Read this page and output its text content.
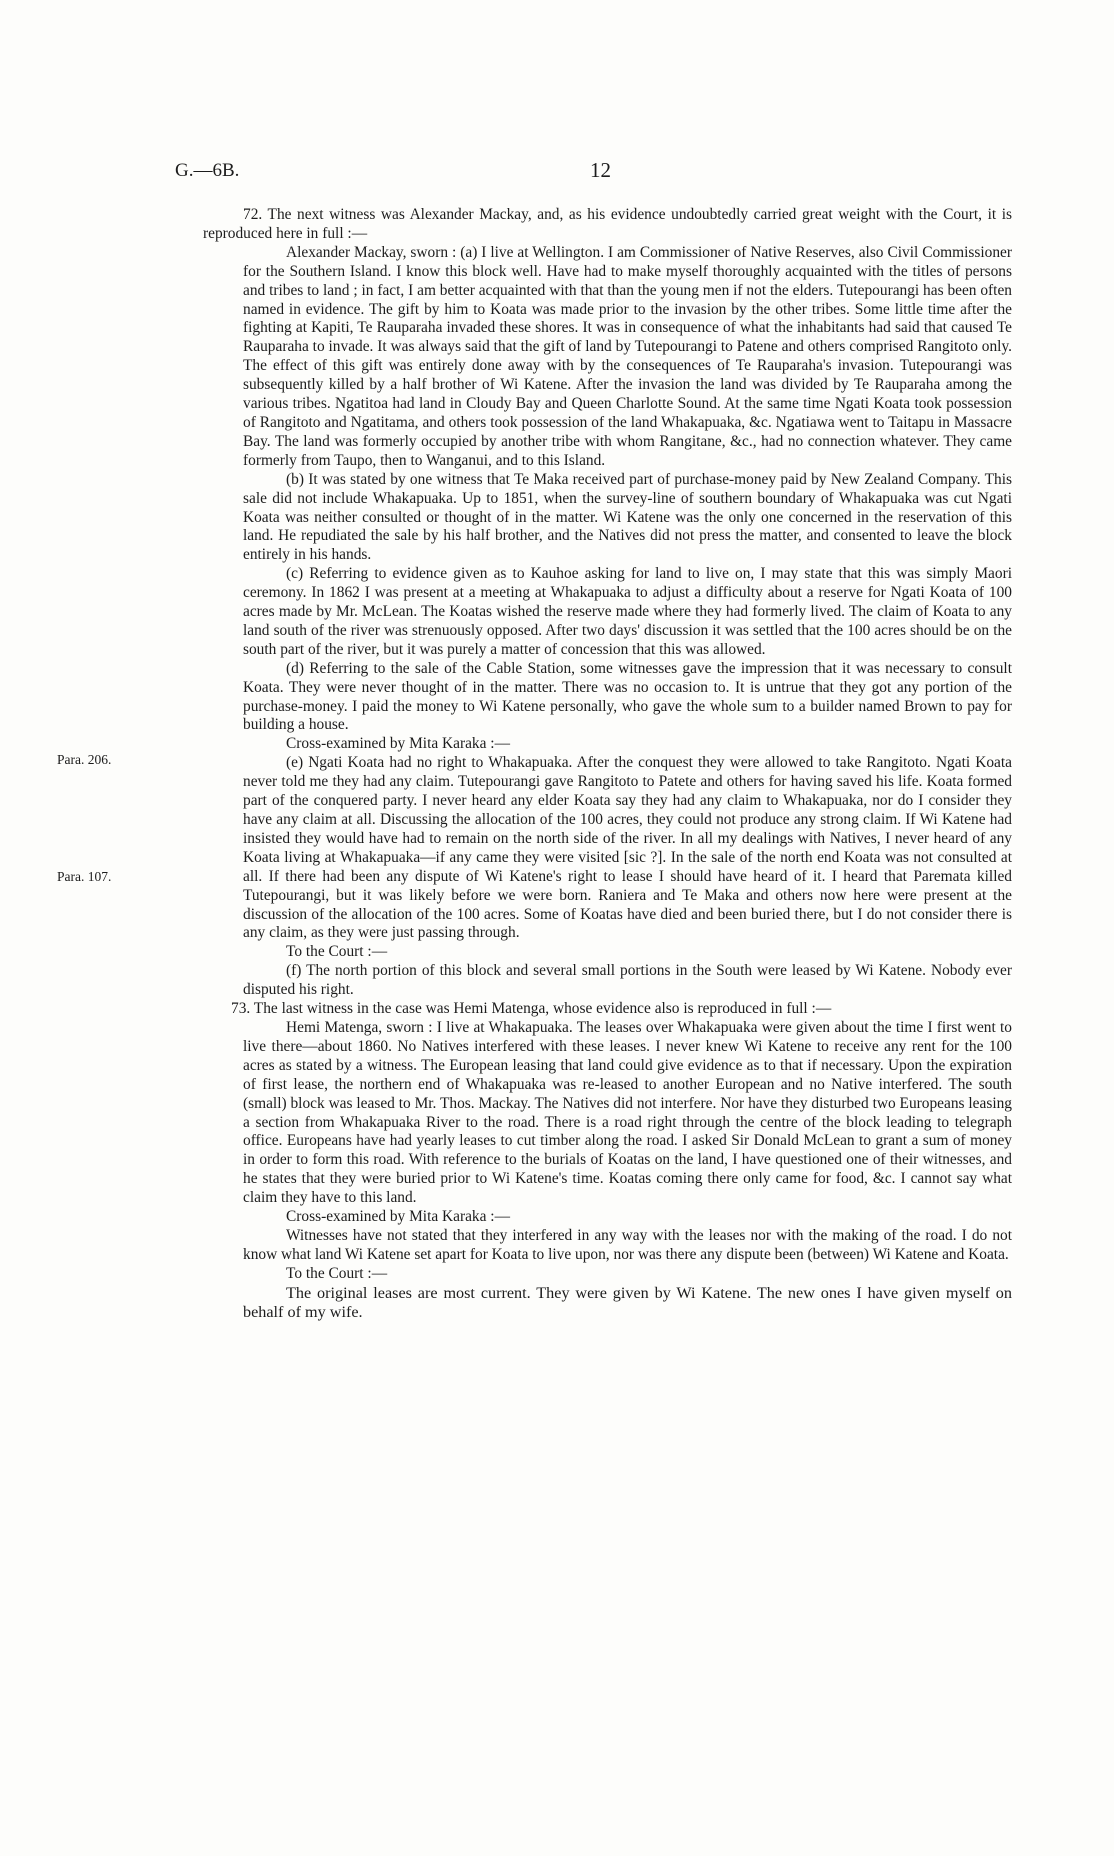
G.—6B.	12
Para. 206.
Para. 107.

72. The next witness was Alexander Mackay, and, as his evidence undoubtedly carried great weight with the Court, it is reproduced here in full :—

Alexander Mackay, sworn : (a) I live at Wellington. I am Commissioner of Native Reserves, also Civil Commissioner for the Southern Island. I know this block well. Have had to make myself thoroughly acquainted with the titles of persons and tribes to land ; in fact, I am better acquainted with that than the young men if not the elders. Tutepourangi has been often named in evidence. The gift by him to Koata was made prior to the invasion by the other tribes. Some little time after the fighting at Kapiti, Te Rauparaha invaded these shores. It was in consequence of what the inhabitants had said that caused Te Rauparaha to invade. It was always said that the gift of land by Tutepourangi to Patene and others comprised Rangitoto only. The effect of this gift was entirely done away with by the consequences of Te Rauparaha's invasion. Tutepourangi was subsequently killed by a half brother of Wi Katene. After the invasion the land was divided by Te Rauparaha among the various tribes. Ngatitoa had land in Cloudy Bay and Queen Charlotte Sound. At the same time Ngati Koata took possession of Rangitoto and Ngatitama, and others took possession of the land Whakapuaka, &c. Ngatiawa went to Taitapu in Massacre Bay. The land was formerly occupied by another tribe with whom Rangitane, &c., had no connection whatever. They came formerly from Taupo, then to Wanganui, and to this Island.

(b) It was stated by one witness that Te Maka received part of purchase-money paid by New Zealand Company. This sale did not include Whakapuaka. Up to 1851, when the survey-line of southern boundary of Whakapuaka was cut Ngati Koata was neither consulted or thought of in the matter. Wi Katene was the only one concerned in the reservation of this land. He repudiated the sale by his half brother, and the Natives did not press the matter, and consented to leave the block entirely in his hands.

(c) Referring to evidence given as to Kauhoe asking for land to live on, I may state that this was simply Maori ceremony. In 1862 I was present at a meeting at Whakapuaka to adjust a difficulty about a reserve for Ngati Koata of 100 acres made by Mr. McLean. The Koatas wished the reserve made where they had formerly lived. The claim of Koata to any land south of the river was strenuously opposed. After two days' discussion it was settled that the 100 acres should be on the south part of the river, but it was purely a matter of concession that this was allowed.

(d) Referring to the sale of the Cable Station, some witnesses gave the impression that it was necessary to consult Koata. They were never thought of in the matter. There was no occasion to. It is untrue that they got any portion of the purchase-money. I paid the money to Wi Katene personally, who gave the whole sum to a builder named Brown to pay for building a house.

Cross-examined by Mita Karaka :—

(e) Ngati Koata had no right to Whakapuaka. After the conquest they were allowed to take Rangitoto. Ngati Koata never told me they had any claim. Tutepourangi gave Rangitoto to Patete and others for having saved his life. Koata formed part of the conquered party. I never heard any elder Koata say they had any claim to Whakapuaka, nor do I consider they have any claim at all. Discussing the allocation of the 100 acres, they could not produce any strong claim. If Wi Katene had insisted they would have had to remain on the north side of the river. In all my dealings with Natives, I never heard of any Koata living at Whakapuaka—if any came they were visited [sic ?]. In the sale of the north end Koata was not consulted at all. If there had been any dispute of Wi Katene's right to lease I should have heard of it. I heard that Paremata killed Tutepourangi, but it was likely before we were born. Raniera and Te Maka and others now here were present at the discussion of the allocation of the 100 acres. Some of Koatas have died and been buried there, but I do not consider there is any claim, as they were just passing through.

To the Court :—

(f) The north portion of this block and several small portions in the South were leased by Wi Katene. Nobody ever disputed his right.

73. The last witness in the case was Hemi Matenga, whose evidence also is reproduced in full :—

Hemi Matenga, sworn : I live at Whakapuaka. The leases over Whakapuaka were given about the time I first went to live there—about 1860. No Natives interfered with these leases. I never knew Wi Katene to receive any rent for the 100 acres as stated by a witness. The European leasing that land could give evidence as to that if necessary. Upon the expiration of first lease, the northern end of Whakapuaka was re-leased to another European and no Native interfered. The south (small) block was leased to Mr. Thos. Mackay. The Natives did not interfere. Nor have they disturbed two Europeans leasing a section from Whakapuaka River to the road. There is a road right through the centre of the block leading to telegraph office. Europeans have had yearly leases to cut timber along the road. I asked Sir Donald McLean to grant a sum of money in order to form this road. With reference to the burials of Koatas on the land, I have questioned one of their witnesses, and he states that they were buried prior to Wi Katene's time. Koatas coming there only came for food, &c. I cannot say what claim they have to this land.

Cross-examined by Mita Karaka :—

Witnesses have not stated that they interfered in any way with the leases nor with the making of the road. I do not know what land Wi Katene set apart for Koata to live upon, nor was there any dispute been (between) Wi Katene and Koata.

To the Court :—

The original leases are most current. They were given by Wi Katene. The new ones I have given myself on behalf of my wife.
